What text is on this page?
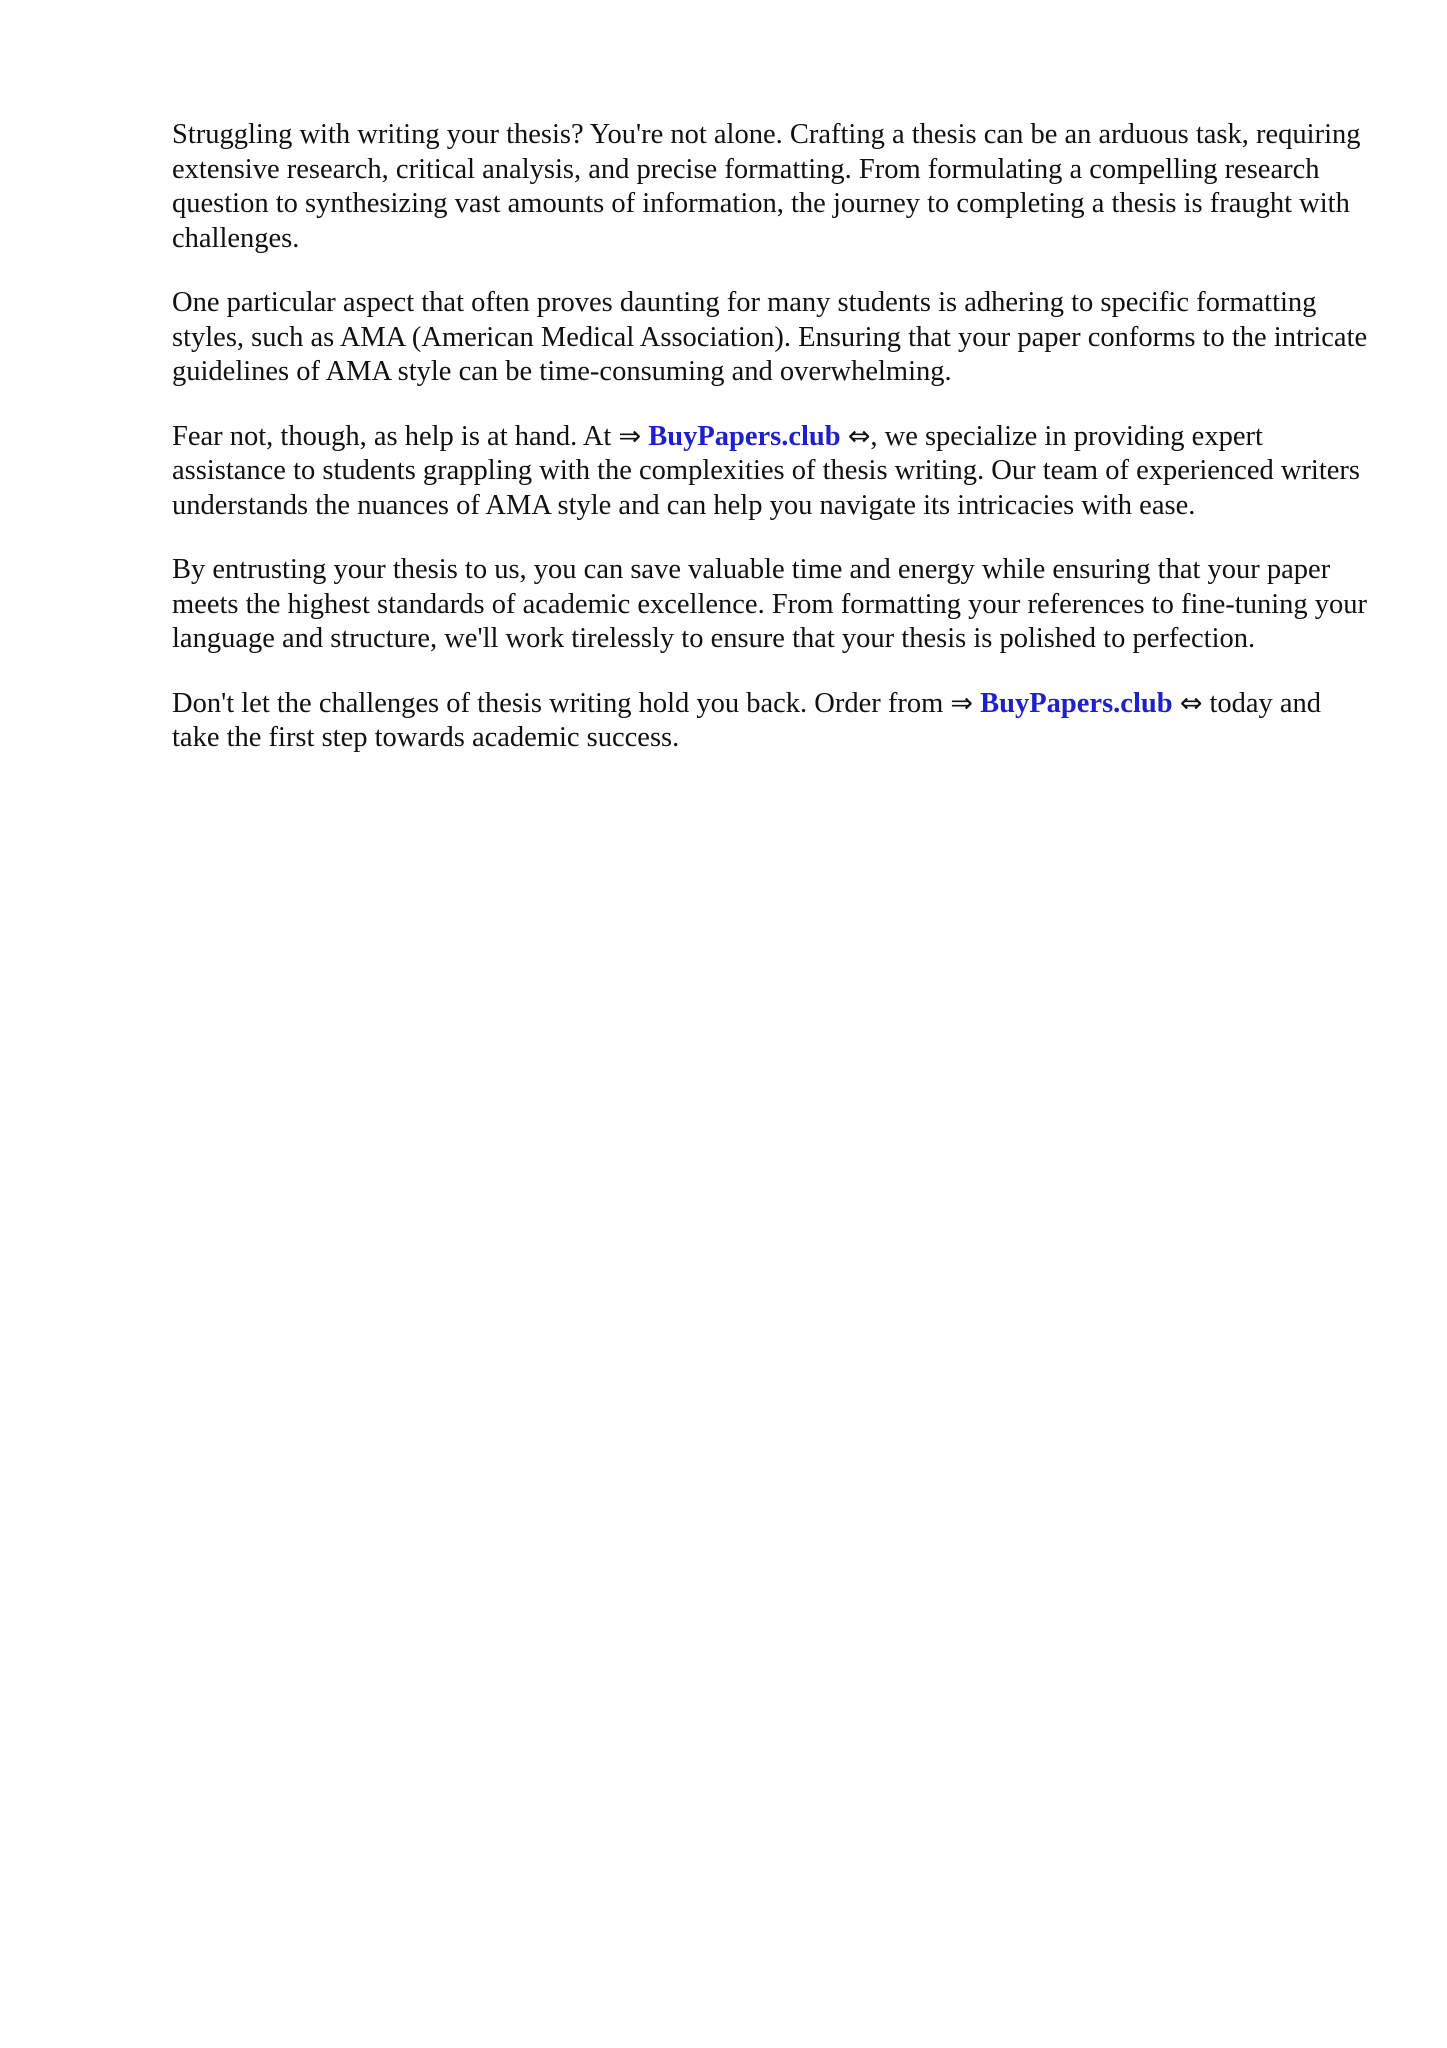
Struggling with writing your thesis? You're not alone. Crafting a thesis can be an arduous task, requiring extensive research, critical analysis, and precise formatting. From formulating a compelling research question to synthesizing vast amounts of information, the journey to completing a thesis is fraught with challenges.

One particular aspect that often proves daunting for many students is adhering to specific formatting styles, such as AMA (American Medical Association). Ensuring that your paper conforms to the intricate guidelines of AMA style can be time-consuming and overwhelming.

Fear not, though, as help is at hand. At ⇒ BuyPapers.club ⇔, we specialize in providing expert assistance to students grappling with the complexities of thesis writing. Our team of experienced writers understands the nuances of AMA style and can help you navigate its intricacies with ease.

By entrusting your thesis to us, you can save valuable time and energy while ensuring that your paper meets the highest standards of academic excellence. From formatting your references to fine-tuning your language and structure, we'll work tirelessly to ensure that your thesis is polished to perfection.

Don't let the challenges of thesis writing hold you back. Order from ⇒ BuyPapers.club ⇔ today and take the first step towards academic success.
